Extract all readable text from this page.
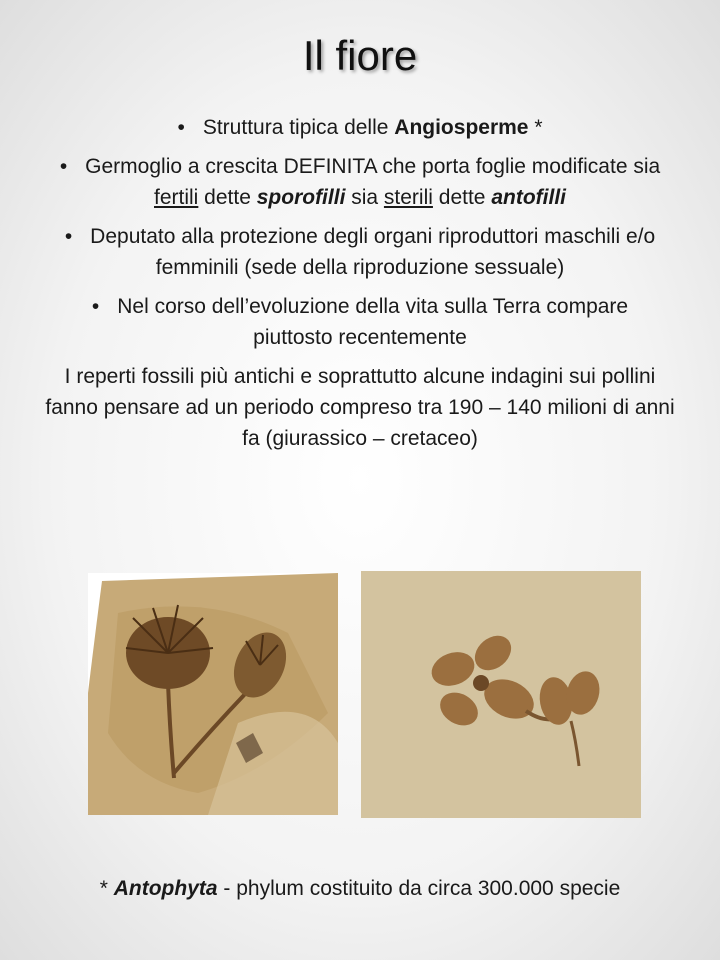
Il fiore
• Struttura tipica delle Angiosperme *
• Germoglio a crescita DEFINITA che porta foglie modificate sia fertili dette sporofilli sia sterili dette antofilli
• Deputato alla protezione degli organi riproduttori maschili e/o femminili (sede della riproduzione sessuale)
• Nel corso dell’evoluzione della vita sulla Terra compare piuttosto recentemente
I reperti fossili più antichi e soprattutto alcune indagini sui pollini fanno pensare ad un periodo compreso tra 190 – 140 milioni di anni fa (giurassico – cretaceo)
* Antophyta - phylum costituito da circa 300.000 specie
